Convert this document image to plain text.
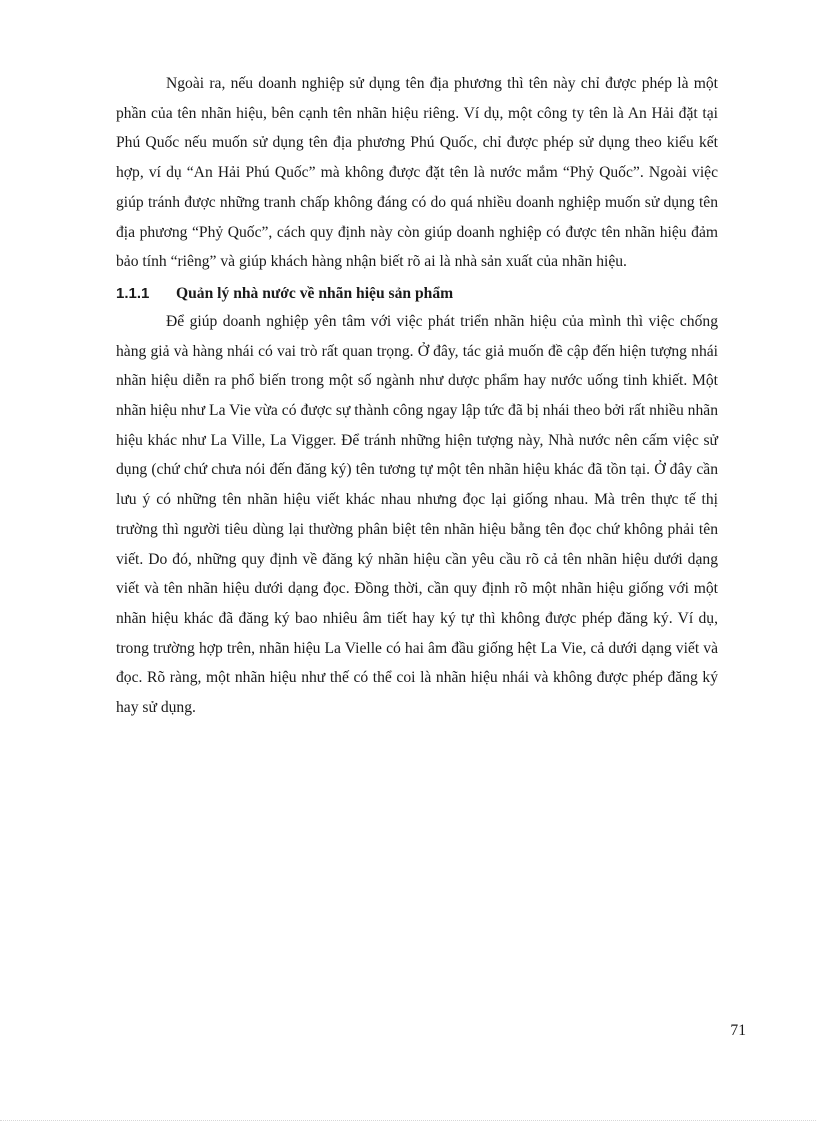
Ngoài ra, nếu doanh nghiệp sử dụng tên địa phương thì tên này chỉ được phép là một phần của tên nhãn hiệu, bên cạnh tên nhãn hiệu riêng. Ví dụ, một công ty tên là An Hải đặt tại Phú Quốc nếu muốn sử dụng tên địa phương Phú Quốc, chỉ được phép sử dụng theo kiểu kết hợp, ví dụ “An Hải Phú Quốc” mà không được đặt tên là nước mắm “Phỷ Quốc”. Ngoài việc giúp tránh được những tranh chấp không đáng có do quá nhiều doanh nghiệp muốn sử dụng tên địa phương “Phỷ Quốc”, cách quy định này còn giúp doanh nghiệp có được tên nhãn hiệu đảm bảo tính “riêng” và giúp khách hàng nhận biết rõ ai là nhà sản xuất của nhãn hiệu.

1.1.1	Quản lý nhà nước về nhãn hiệu sản phẩm

Để giúp doanh nghiệp yên tâm với việc phát triển nhãn hiệu của mình thì việc chống hàng giả và hàng nhái có vai trò rất quan trọng. Ở đây, tác giả muốn đề cập đến hiện tượng nhái nhãn hiệu diễn ra phổ biến trong một số ngành như dược phẩm hay nước uống tinh khiết. Một nhãn hiệu như La Vie vừa có được sự thành công ngay lập tức đã bị nhái theo bởi rất nhiều nhãn hiệu khác như La Ville, La Vigger. Để tránh những hiện tượng này, Nhà nước nên cấm việc sử dụng (chứ chứ chưa nói đến đăng ký) tên tương tự một tên nhãn hiệu khác đã tồn tại. Ở đây cần lưu ý có những tên nhãn hiệu viết khác nhau nhưng đọc lại giống nhau. Mà trên thực tế thị trường thì người tiêu dùng lại thường phân biệt tên nhãn hiệu bằng tên đọc chứ không phải tên viết. Do đó, những quy định về đăng ký nhãn hiệu cần yêu cầu rõ cả tên nhãn hiệu dưới dạng viết và tên nhãn hiệu dưới dạng đọc. Đồng thời, cần quy định rõ một nhãn hiệu giống với một nhãn hiệu khác đã đăng ký bao nhiêu âm tiết hay ký tự thì không được phép đăng ký. Ví dụ, trong trường hợp trên, nhãn hiệu La Vielle có hai âm đầu giống hệt La Vie, cả dưới dạng viết và đọc. Rõ ràng, một nhãn hiệu như thế có thể coi là nhãn hiệu nhái và không được phép đăng ký hay sử dụng.

71
